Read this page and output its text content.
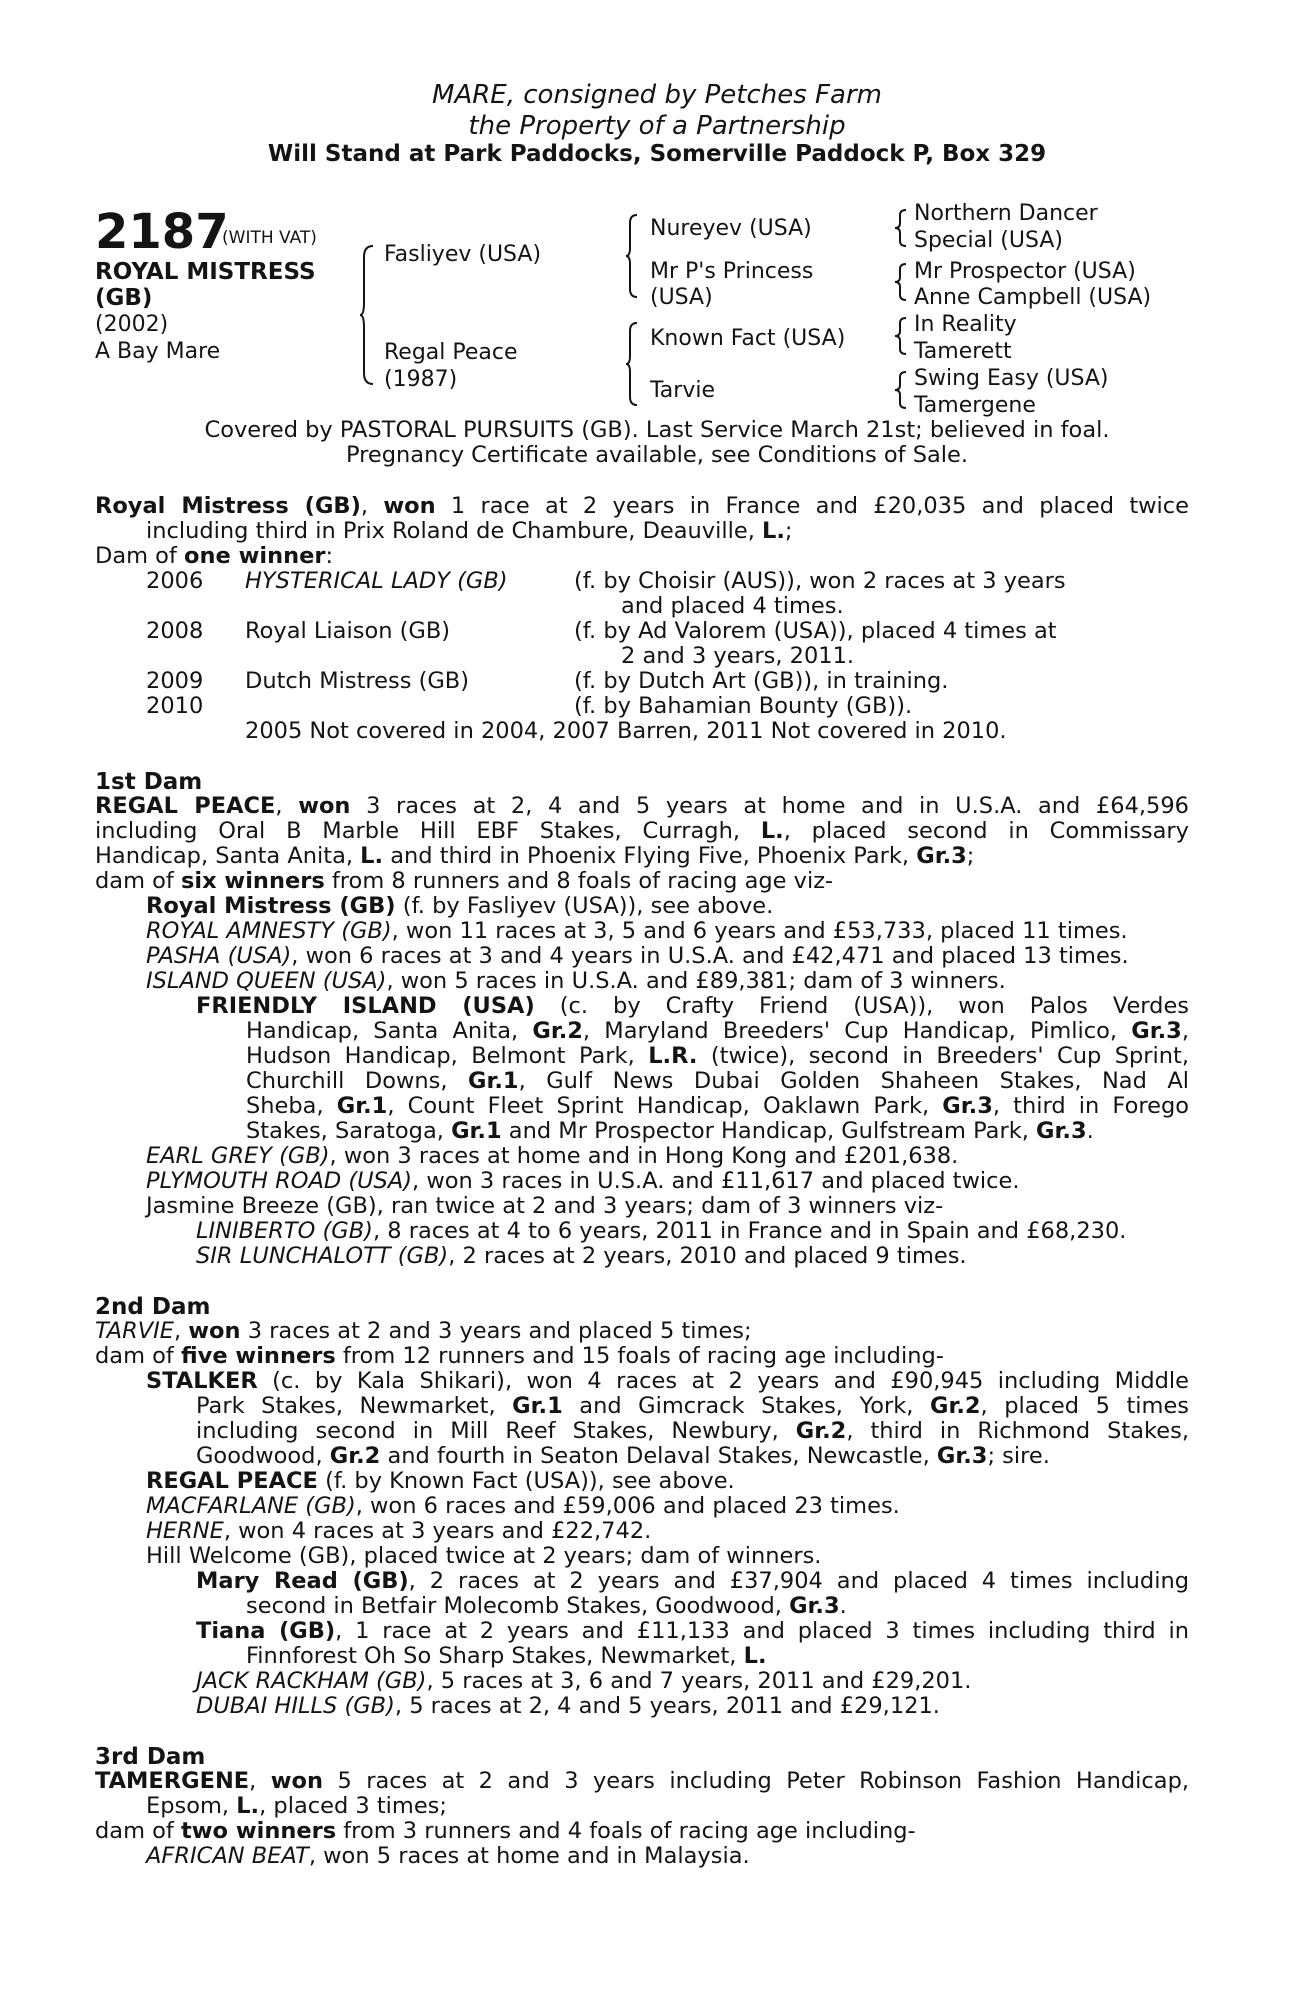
MARE, consigned by Petches Farm
the Property of a Partnership
Will Stand at Park Paddocks, Somerville Paddock P, Box 329
2187
(WITH VAT)
ROYAL MISTRESS
(GB)
(2002)
A Bay Mare
Fasliyev (USA)
Regal Peace
(1987)
Nureyev (USA)
Mr P's Princess
(USA)
Known Fact (USA)
Tarvie
Northern Dancer
Special (USA)
Mr Prospector (USA)
Anne Campbell (USA)
In Reality
Tamerett
Swing Easy (USA)
Tamergene
Covered by PASTORAL PURSUITS (GB). Last Service March 21st; believed in foal.
Pregnancy Certificate available, see Conditions of Sale.
Royal Mistress (GB), won 1 race at 2 years in France and £20,035 and placed twice
including third in Prix Roland de Chambure, Deauville, L.;
Dam of one winner:
2006 HYSTERICAL LADY (GB)	(f. by Choisir (AUS)), won 2 races at 3 years
and placed 4 times.
2008 Royal Liaison (GB)	(f. by Ad Valorem (USA)), placed 4 times at
2 and 3 years, 2011.
2009 Dutch Mistress (GB)	(f. by Dutch Art (GB)), in training.
2010	(f. by Bahamian Bounty (GB)).
2005 Not covered in 2004, 2007 Barren, 2011 Not covered in 2010.
1st Dam
REGAL PEACE, won 3 races at 2, 4 and 5 years at home and in U.S.A. and £64,596
including Oral B Marble Hill EBF Stakes, Curragh, L., placed second in Commissary
Handicap, Santa Anita, L. and third in Phoenix Flying Five, Phoenix Park, Gr.3;
dam of six winners from 8 runners and 8 foals of racing age viz-
Royal Mistress (GB) (f. by Fasliyev (USA)), see above.
ROYAL AMNESTY (GB), won 11 races at 3, 5 and 6 years and £53,733, placed 11 times.
PASHA (USA), won 6 races at 3 and 4 years in U.S.A. and £42,471 and placed 13 times.
ISLAND QUEEN (USA), won 5 races in U.S.A. and £89,381; dam of 3 winners.
FRIENDLY ISLAND (USA) (c. by Crafty Friend (USA)), won Palos Verdes
Handicap, Santa Anita, Gr.2, Maryland Breeders' Cup Handicap, Pimlico, Gr.3,
Hudson Handicap, Belmont Park, L.R. (twice), second in Breeders' Cup Sprint,
Churchill Downs, Gr.1, Gulf News Dubai Golden Shaheen Stakes, Nad Al
Sheba, Gr.1, Count Fleet Sprint Handicap, Oaklawn Park, Gr.3, third in Forego
Stakes, Saratoga, Gr.1 and Mr Prospector Handicap, Gulfstream Park, Gr.3.
EARL GREY (GB), won 3 races at home and in Hong Kong and £201,638.
PLYMOUTH ROAD (USA), won 3 races in U.S.A. and £11,617 and placed twice.
Jasmine Breeze (GB), ran twice at 2 and 3 years; dam of 3 winners viz-
LINIBERTO (GB), 8 races at 4 to 6 years, 2011 in France and in Spain and £68,230.
SIR LUNCHALOTT (GB), 2 races at 2 years, 2010 and placed 9 times.
2nd Dam
TARVIE, won 3 races at 2 and 3 years and placed 5 times;
dam of five winners from 12 runners and 15 foals of racing age including-
STALKER (c. by Kala Shikari), won 4 races at 2 years and £90,945 including Middle
Park Stakes, Newmarket, Gr.1 and Gimcrack Stakes, York, Gr.2, placed 5 times
including second in Mill Reef Stakes, Newbury, Gr.2, third in Richmond Stakes,
Goodwood, Gr.2 and fourth in Seaton Delaval Stakes, Newcastle, Gr.3; sire.
REGAL PEACE (f. by Known Fact (USA)), see above.
MACFARLANE (GB), won 6 races and £59,006 and placed 23 times.
HERNE, won 4 races at 3 years and £22,742.
Hill Welcome (GB), placed twice at 2 years; dam of winners.
Mary Read (GB), 2 races at 2 years and £37,904 and placed 4 times including
second in Betfair Molecomb Stakes, Goodwood, Gr.3.
Tiana (GB), 1 race at 2 years and £11,133 and placed 3 times including third in
Finnforest Oh So Sharp Stakes, Newmarket, L.
JACK RACKHAM (GB), 5 races at 3, 6 and 7 years, 2011 and £29,201.
DUBAI HILLS (GB), 5 races at 2, 4 and 5 years, 2011 and £29,121.
3rd Dam
TAMERGENE, won 5 races at 2 and 3 years including Peter Robinson Fashion Handicap,
Epsom, L., placed 3 times;
dam of two winners from 3 runners and 4 foals of racing age including-
AFRICAN BEAT, won 5 races at home and in Malaysia.
